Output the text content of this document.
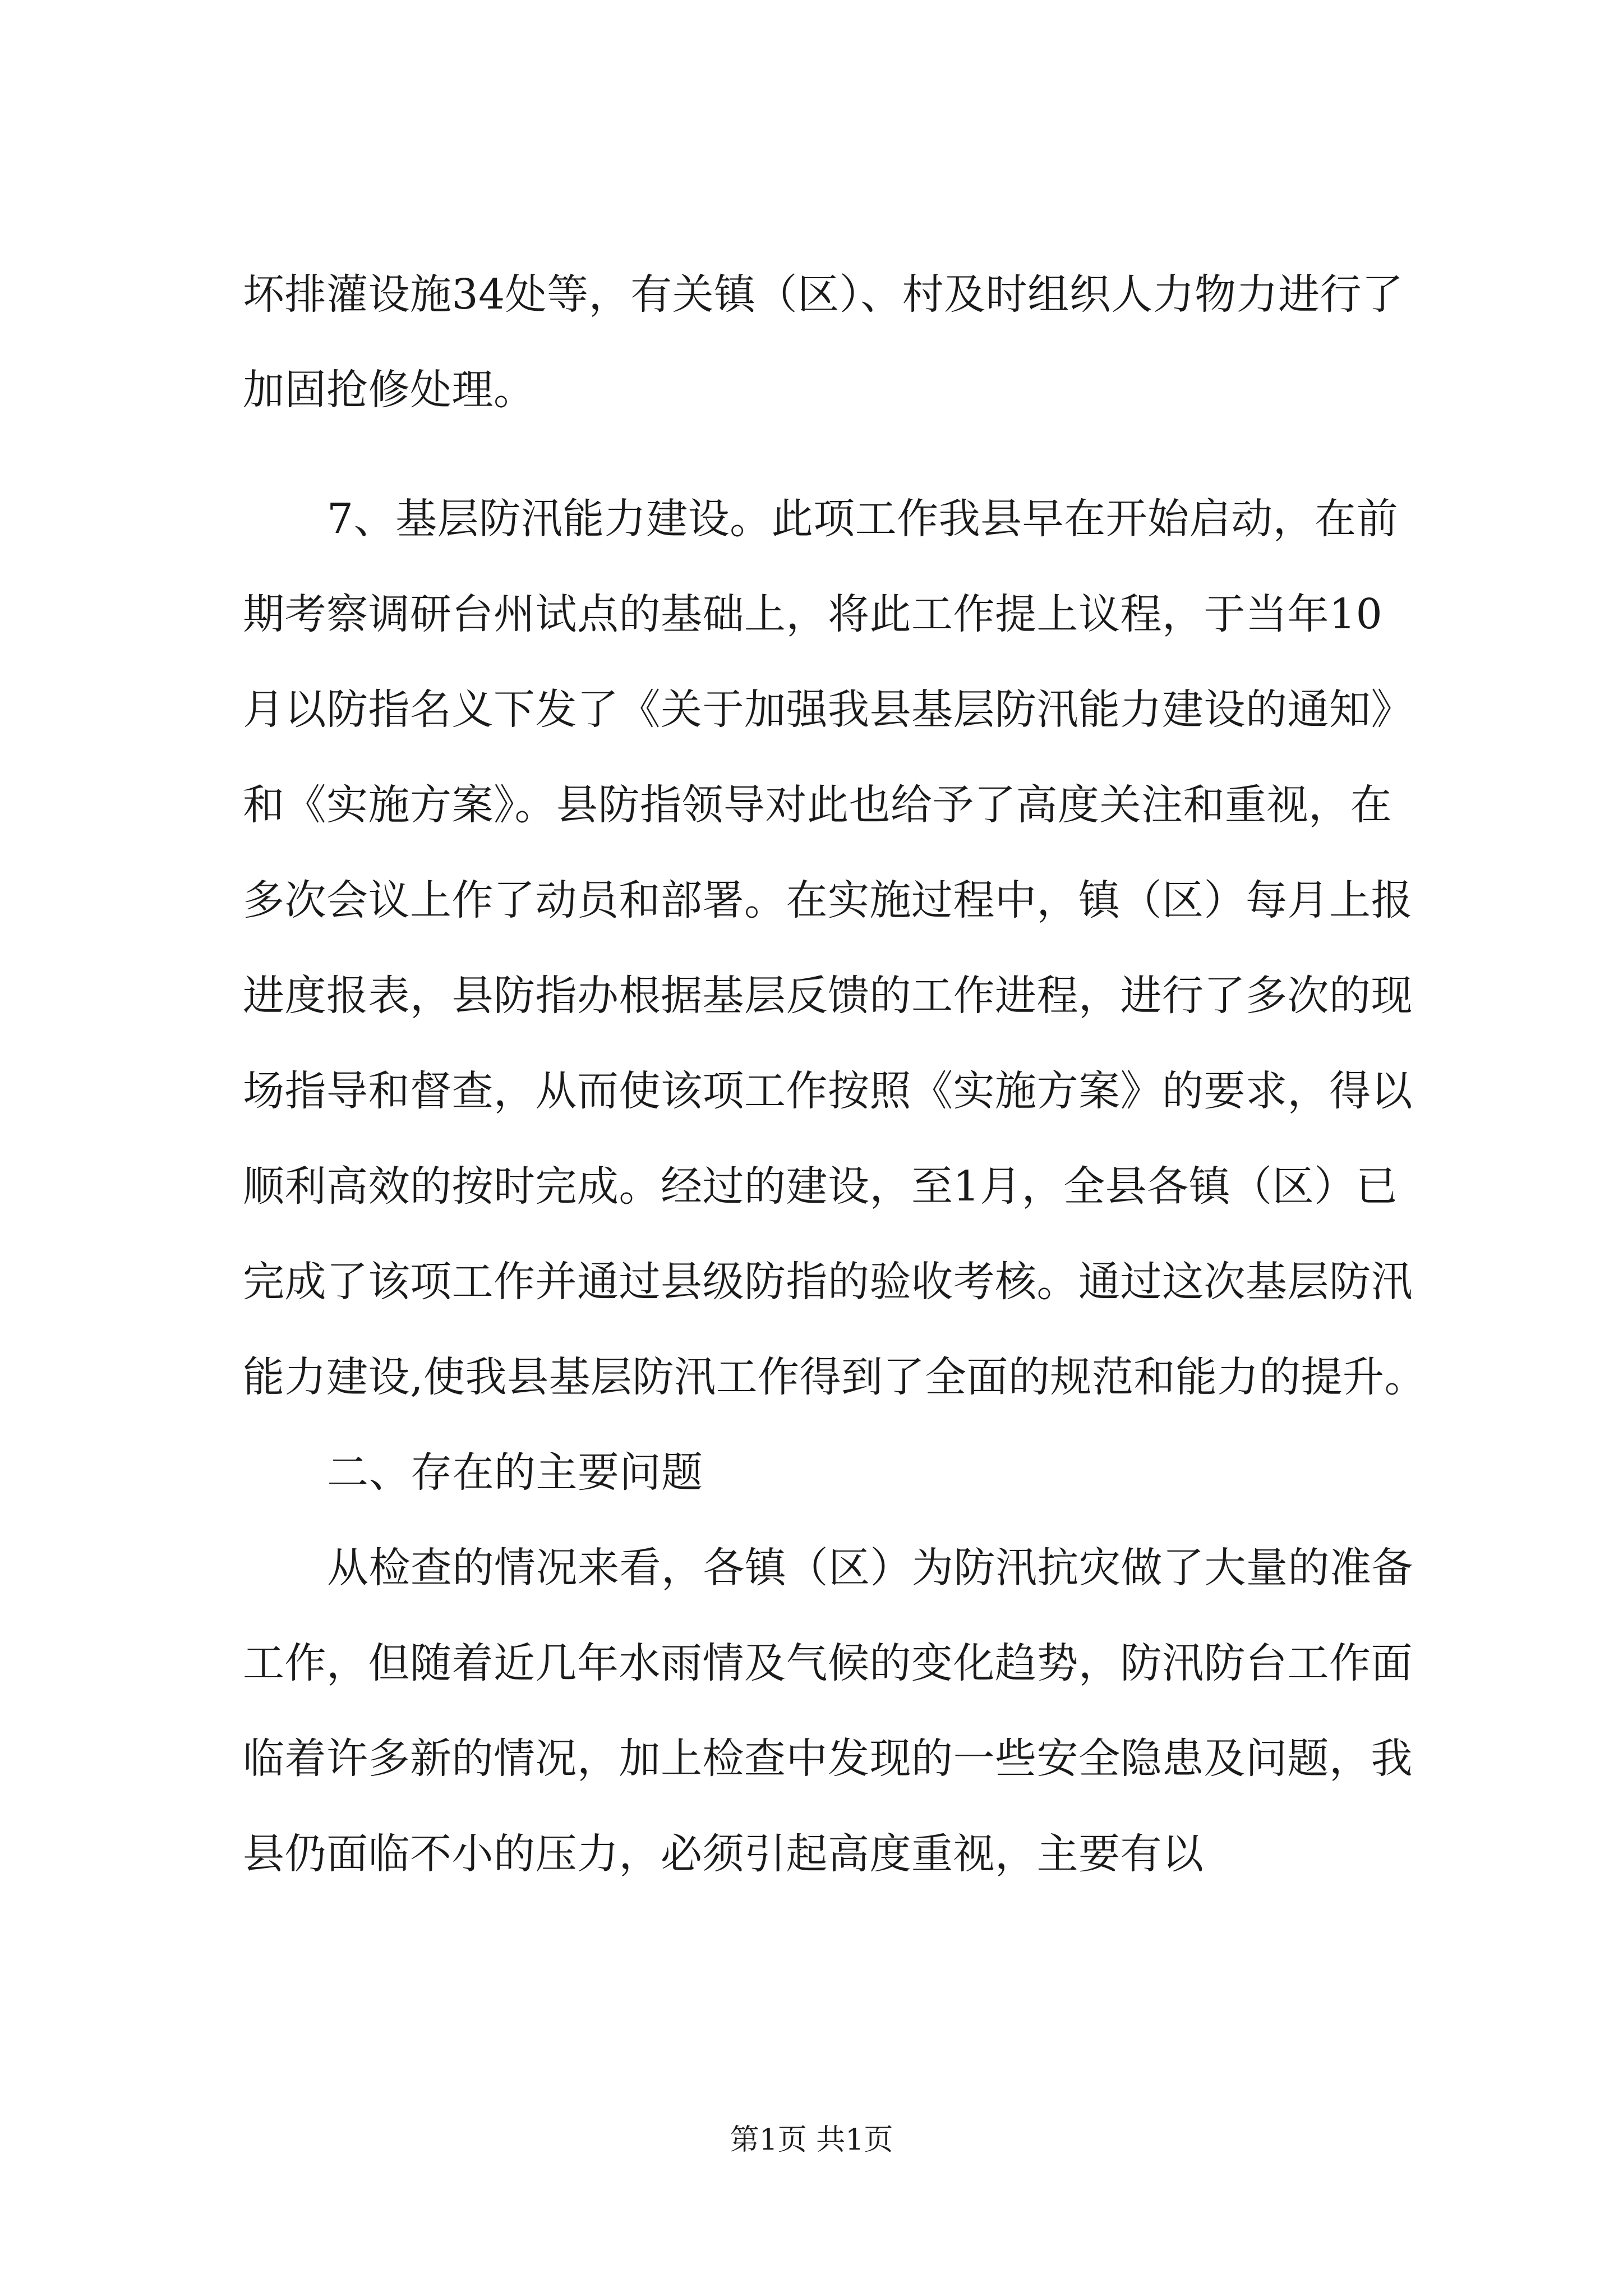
坏排灌设施34处等，有关镇（区）、村及时组织人力物力进行了
加固抢修处理。
7、基层防汛能力建设。此项工作我县早在开始启动，在前
期考察调研台州试点的基础上，将此工作提上议程，于当年10
月以防指名义下发了《关于加强我县基层防汛能力建设的通知》
和《实施方案》。县防指领导对此也给予了高度关注和重视，在
多次会议上作了动员和部署。在实施过程中，镇（区）每月上报
进度报表，县防指办根据基层反馈的工作进程，进行了多次的现
场指导和督查，从而使该项工作按照《实施方案》的要求，得以
顺利高效的按时完成。经过的建设，至1月，全县各镇（区）已
完成了该项工作并通过县级防指的验收考核。通过这次基层防汛
能力建设,使我县基层防汛工作得到了全面的规范和能力的提升。
二、存在的主要问题
从检查的情况来看，各镇（区）为防汛抗灾做了大量的准备
工作，但随着近几年水雨情及气候的变化趋势，防汛防台工作面
临着许多新的情况，加上检查中发现的一些安全隐患及问题，我
县仍面临不小的压力，必须引起高度重视，主要有以
第1页 共1页
